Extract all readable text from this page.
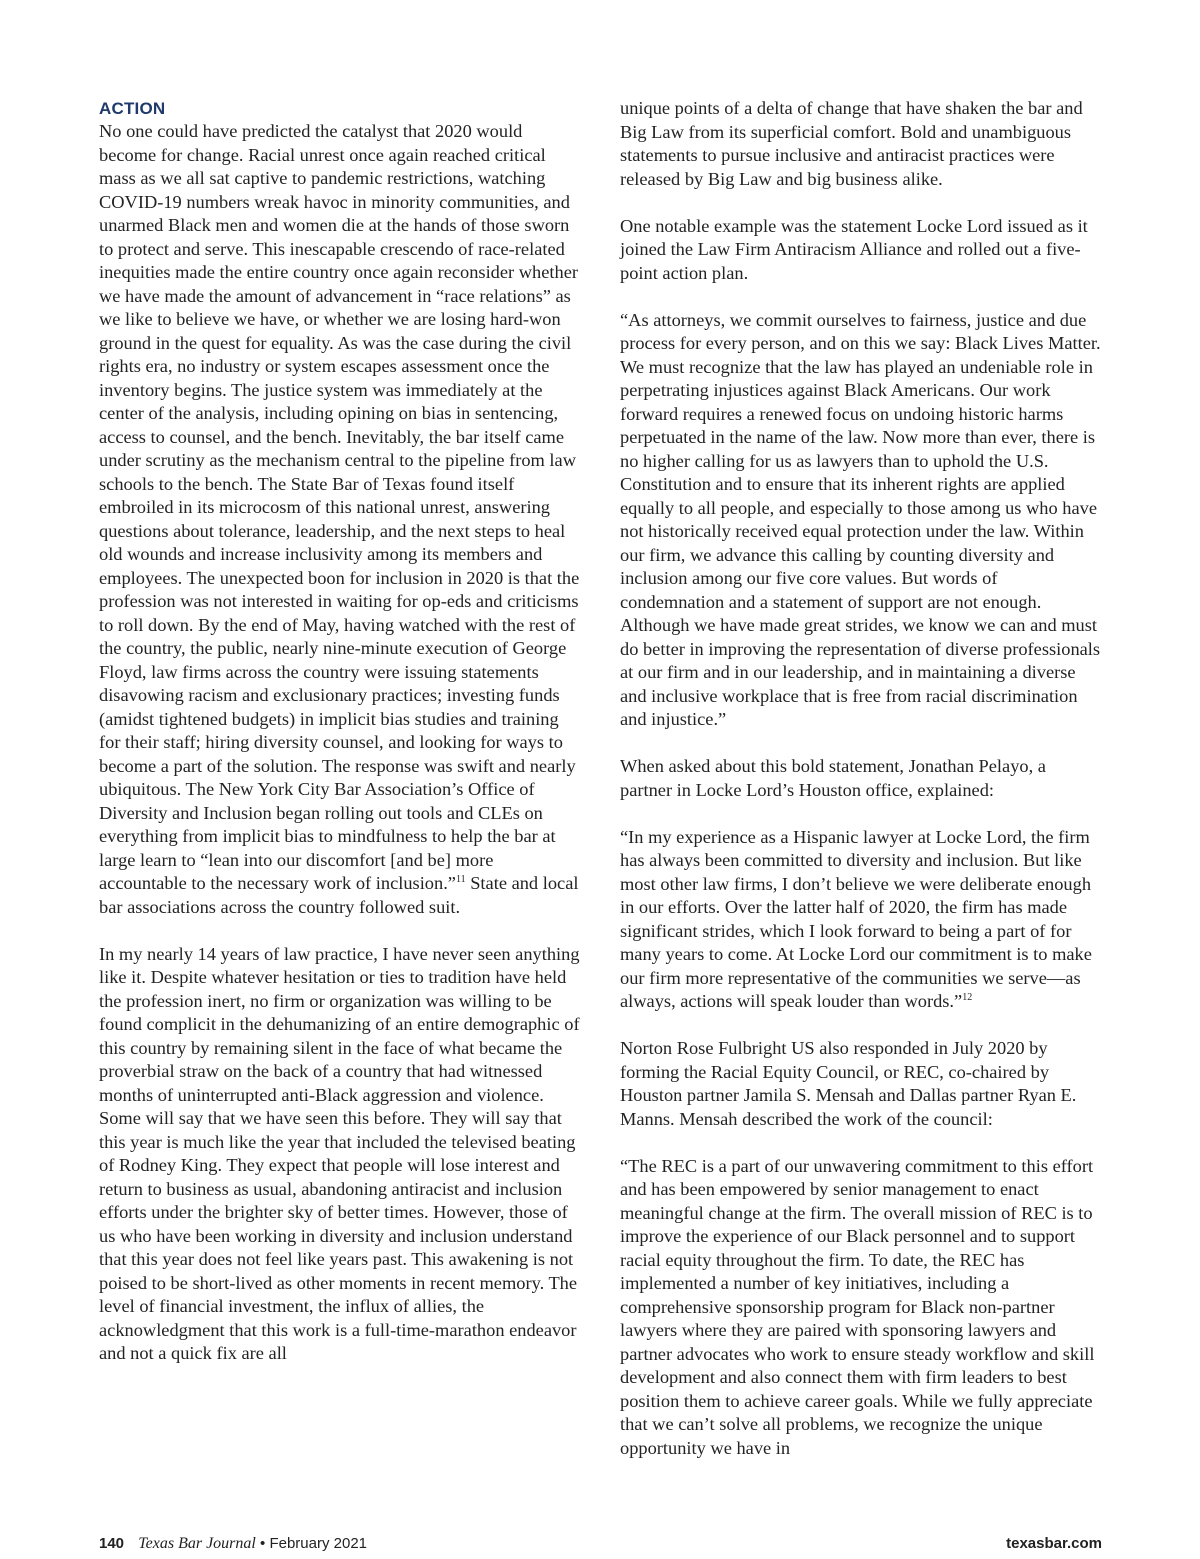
ACTION

No one could have predicted the catalyst that 2020 would become for change. Racial unrest once again reached critical mass as we all sat captive to pandemic restrictions, watching COVID-19 numbers wreak havoc in minority communities, and unarmed Black men and women die at the hands of those sworn to protect and serve. This inescapable crescendo of race-related inequities made the entire country once again reconsider whether we have made the amount of advancement in “race relations” as we like to believe we have, or whether we are losing hard-won ground in the quest for equality. As was the case during the civil rights era, no industry or system escapes assessment once the inventory begins. The justice system was immediately at the center of the analysis, including opining on bias in sentencing, access to counsel, and the bench. Inevitably, the bar itself came under scrutiny as the mechanism central to the pipeline from law schools to the bench. The State Bar of Texas found itself embroiled in its microcosm of this national unrest, answering questions about tolerance, leadership, and the next steps to heal old wounds and increase inclusivity among its members and employees. The unexpected boon for inclusion in 2020 is that the profession was not interested in waiting for op-eds and criticisms to roll down. By the end of May, having watched with the rest of the country, the public, nearly nine-minute execution of George Floyd, law firms across the country were issuing statements disavowing racism and exclusionary practices; investing funds (amidst tightened budgets) in implicit bias studies and training for their staff; hiring diversity counsel, and looking for ways to become a part of the solution. The response was swift and nearly ubiquitous. The New York City Bar Association’s Office of Diversity and Inclusion began rolling out tools and CLEs on everything from implicit bias to mindfulness to help the bar at large learn to “lean into our discomfort [and be] more accountable to the necessary work of inclusion.”$^{11}$ State and local bar associations across the country followed suit.

In my nearly 14 years of law practice, I have never seen anything like it. Despite whatever hesitation or ties to tradition have held the profession inert, no firm or organization was willing to be found complicit in the dehumanizing of an entire demographic of this country by remaining silent in the face of what became the proverbial straw on the back of a country that had witnessed months of uninterrupted anti-Black aggression and violence. Some will say that we have seen this before. They will say that this year is much like the year that included the televised beating of Rodney King. They expect that people will lose interest and return to business as usual, abandoning antiracist and inclusion efforts under the brighter sky of better times. However, those of us who have been working in diversity and inclusion understand that this year does not feel like years past. This awakening is not poised to be short-lived as other moments in recent memory. The level of financial investment, the influx of allies, the acknowledgment that this work is a full-time-marathon endeavor and not a quick fix are all

unique points of a delta of change that have shaken the bar and Big Law from its superficial comfort. Bold and unambiguous statements to pursue inclusive and antiracist practices were released by Big Law and big business alike.

One notable example was the statement Locke Lord issued as it joined the Law Firm Antiracism Alliance and rolled out a five-point action plan.

“As attorneys, we commit ourselves to fairness, justice and due process for every person, and on this we say: Black Lives Matter. We must recognize that the law has played an undeniable role in perpetrating injustices against Black Americans. Our work forward requires a renewed focus on undoing historic harms perpetuated in the name of the law. Now more than ever, there is no higher calling for us as lawyers than to uphold the U.S. Constitution and to ensure that its inherent rights are applied equally to all people, and especially to those among us who have not historically received equal protection under the law. Within our firm, we advance this calling by counting diversity and inclusion among our five core values. But words of condemnation and a statement of support are not enough. Although we have made great strides, we know we can and must do better in improving the representation of diverse professionals at our firm and in our leadership, and in maintaining a diverse and inclusive workplace that is free from racial discrimination and injustice.”

When asked about this bold statement, Jonathan Pelayo, a partner in Locke Lord’s Houston office, explained:

“In my experience as a Hispanic lawyer at Locke Lord, the firm has always been committed to diversity and inclusion. But like most other law firms, I don’t believe we were deliberate enough in our efforts. Over the latter half of 2020, the firm has made significant strides, which I look forward to being a part of for many years to come. At Locke Lord our commitment is to make our firm more representative of the communities we serve—as always, actions will speak louder than words.”$^{12}$

Norton Rose Fulbright US also responded in July 2020 by forming the Racial Equity Council, or REC, co-chaired by Houston partner Jamila S. Mensah and Dallas partner Ryan E. Manns. Mensah described the work of the council:

“The REC is a part of our unwavering commitment to this effort and has been empowered by senior management to enact meaningful change at the firm. The overall mission of REC is to improve the experience of our Black personnel and to support racial equity throughout the firm. To date, the REC has implemented a number of key initiatives, including a comprehensive sponsorship program for Black non-partner lawyers where they are paired with sponsoring lawyers and partner advocates who work to ensure steady workflow and skill development and also connect them with firm leaders to best position them to achieve career goals. While we fully appreciate that we can’t solve all problems, we recognize the unique opportunity we have in

140 Texas Bar Journal • February 2021	texasbar.com
